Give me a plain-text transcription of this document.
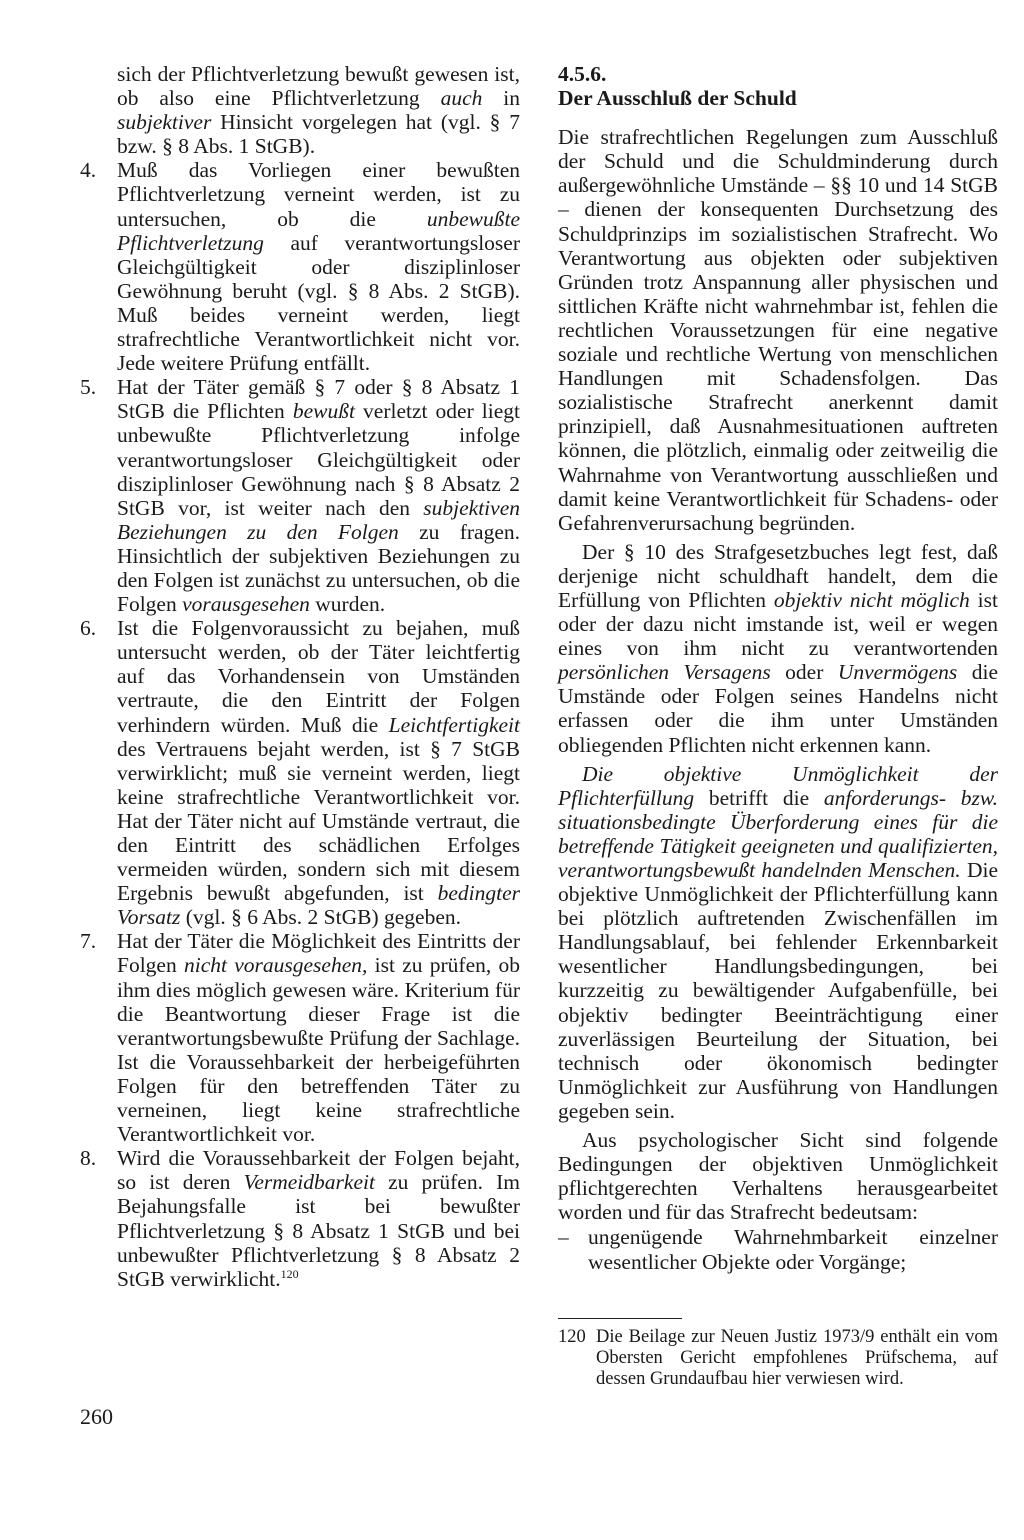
sich der Pflichtverletzung bewußt gewesen ist, ob also eine Pflichtverletzung auch in subjektiver Hinsicht vorgelegen hat (vgl. § 7 bzw. § 8 Abs. 1 StGB).
4. Muß das Vorliegen einer bewußten Pflichtverletzung verneint werden, ist zu untersuchen, ob die unbewußte Pflichtverletzung auf verantwortungsloser Gleichgültigkeit oder disziplinloser Gewöhnung beruht (vgl. § 8 Abs. 2 StGB). Muß beides verneint werden, liegt strafrechtliche Verantwortlichkeit nicht vor. Jede weitere Prüfung entfällt.
5. Hat der Täter gemäß § 7 oder § 8 Absatz 1 StGB die Pflichten bewußt verletzt oder liegt unbewußte Pflichtverletzung infolge verantwortungsloser Gleichgültigkeit oder disziplinloser Gewöhnung nach § 8 Absatz 2 StGB vor, ist weiter nach den subjektiven Beziehungen zu den Folgen zu fragen. Hinsichtlich der subjektiven Beziehungen zu den Folgen ist zunächst zu untersuchen, ob die Folgen vorausgesehen wurden.
6. Ist die Folgenvoraussicht zu bejahen, muß untersucht werden, ob der Täter leichtfertig auf das Vorhandensein von Umständen vertraute, die den Eintritt der Folgen verhindern würden. Muß die Leichtfertigkeit des Vertrauens bejaht werden, ist § 7 StGB verwirklicht; muß sie verneint werden, liegt keine strafrechtliche Verantwortlichkeit vor. Hat der Täter nicht auf Umstände vertraut, die den Eintritt des schädlichen Erfolges vermeiden würden, sondern sich mit diesem Ergebnis bewußt abgefunden, ist bedingter Vorsatz (vgl. § 6 Abs. 2 StGB) gegeben.
7. Hat der Täter die Möglichkeit des Eintritts der Folgen nicht vorausgesehen, ist zu prüfen, ob ihm dies möglich gewesen wäre. Kriterium für die Beantwortung dieser Frage ist die verantwortungsbewußte Prüfung der Sachlage. Ist die Voraussehbarkeit der herbeigeführten Folgen für den betreffenden Täter zu verneinen, liegt keine strafrechtliche Verantwortlichkeit vor.
8. Wird die Voraussehbarkeit der Folgen bejaht, so ist deren Vermeidbarkeit zu prüfen. Im Bejahungsfalle ist bei bewußter Pflichtverletzung § 8 Absatz 1 StGB und bei unbewußter Pflichtverletzung § 8 Absatz 2 StGB verwirklicht.$^{120}$
4.5.6.
Der Ausschluß der Schuld

Die strafrechtlichen Regelungen zum Ausschluß der Schuld und die Schuldminderung durch außergewöhnliche Umstände – §§ 10 und 14 StGB – dienen der konsequenten Durchsetzung des Schuldprinzips im sozialistischen Strafrecht. Wo Verantwortung aus objekten oder subjektiven Gründen trotz Anspannung aller physischen und sittlichen Kräfte nicht wahrnehmbar ist, fehlen die rechtlichen Voraussetzungen für eine negative soziale und rechtliche Wertung von menschlichen Handlungen mit Schadensfolgen. Das sozialistische Strafrecht anerkennt damit prinzipiell, daß Ausnahmesituationen auftreten können, die plötzlich, einmalig oder zeitweilig die Wahrnahme von Verantwortung ausschließen und damit keine Verantwortlichkeit für Schadens- oder Gefahrenverursachung begründen.

Der § 10 des Strafgesetzbuches legt fest, daß derjenige nicht schuldhaft handelt, dem die Erfüllung von Pflichten objektiv nicht möglich ist oder der dazu nicht imstande ist, weil er wegen eines von ihm nicht zu verantwortenden persönlichen Versagens oder Unvermögens die Umstände oder Folgen seines Handelns nicht erfassen oder die ihm unter Umständen obliegenden Pflichten nicht erkennen kann.

Die objektive Unmöglichkeit der Pflichterfüllung betrifft die anforderungs- bzw. situationsbedingte Überforderung eines für die betreffende Tätigkeit geeigneten und qualifizierten, verantwortungsbewußt handelnden Menschen. Die objektive Unmöglichkeit der Pflichterfüllung kann bei plötzlich auftretenden Zwischenfällen im Handlungsablauf, bei fehlender Erkennbarkeit wesentlicher Handlungsbedingungen, bei kurzzeitig zu bewältigender Aufgabenfülle, bei objektiv bedingter Beeinträchtigung einer zuverlässigen Beurteilung der Situation, bei technisch oder ökonomisch bedingter Unmöglichkeit zur Ausführung von Handlungen gegeben sein.

Aus psychologischer Sicht sind folgende Bedingungen der objektiven Unmöglichkeit pflichtgerechten Verhaltens herausgearbeitet worden und für das Strafrecht bedeutsam:

– ungenügende Wahrnehmbarkeit einzelner wesentlicher Objekte oder Vorgänge;
120 Die Beilage zur Neuen Justiz 1973/9 enthält ein vom Obersten Gericht empfohlenes Prüfschema, auf dessen Grundaufbau hier verwiesen wird.
260
